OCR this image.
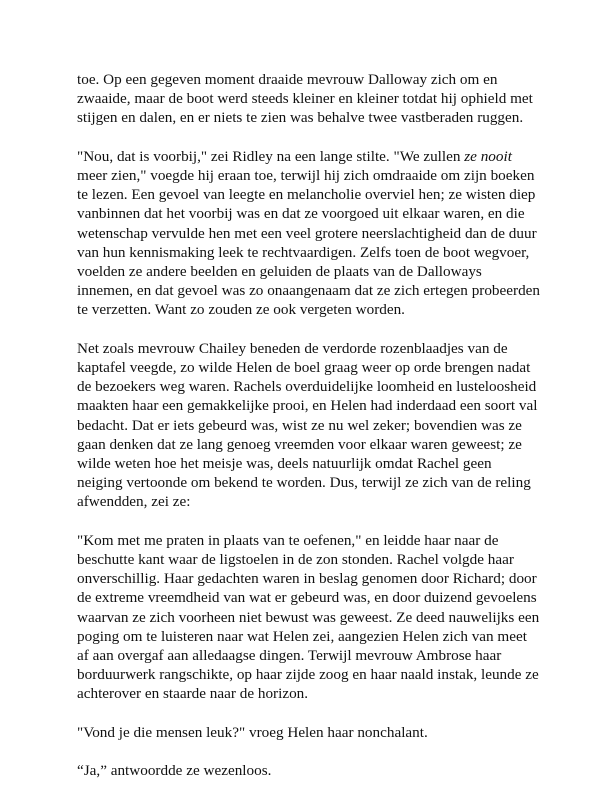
toe. Op een gegeven moment draaide mevrouw Dalloway zich om en
zwaaide, maar de boot werd steeds kleiner en kleiner totdat hij ophield met
stijgen en dalen, en er niets te zien was behalve twee vastberaden ruggen.

"Nou, dat is voorbij," zei Ridley na een lange stilte. "We zullen ze nooit
meer zien," voegde hij eraan toe, terwijl hij zich omdraaide om zijn boeken
te lezen. Een gevoel van leegte en melancholie overviel hen; ze wisten diep
vanbinnen dat het voorbij was en dat ze voorgoed uit elkaar waren, en die
wetenschap vervulde hen met een veel grotere neerslachtigheid dan de duur
van hun kennismaking leek te rechtvaardigen. Zelfs toen de boot wegvoer,
voelden ze andere beelden en geluiden de plaats van de Dalloways
innemen, en dat gevoel was zo onaangenaam dat ze zich ertegen probeerden
te verzetten. Want zo zouden ze ook vergeten worden.

Net zoals mevrouw Chailey beneden de verdorde rozenblaadjes van de
kaptafel veegde, zo wilde Helen de boel graag weer op orde brengen nadat
de bezoekers weg waren. Rachels overduidelijke loomheid en lusteloosheid
maakten haar een gemakkelijke prooi, en Helen had inderdaad een soort val
bedacht. Dat er iets gebeurd was, wist ze nu wel zeker; bovendien was ze
gaan denken dat ze lang genoeg vreemden voor elkaar waren geweest; ze
wilde weten hoe het meisje was, deels natuurlijk omdat Rachel geen
neiging vertoonde om bekend te worden. Dus, terwijl ze zich van de reling
afwendden, zei ze:

"Kom met me praten in plaats van te oefenen," en leidde haar naar de
beschutte kant waar de ligstoelen in de zon stonden. Rachel volgde haar
onverschillig. Haar gedachten waren in beslag genomen door Richard; door
de extreme vreemdheid van wat er gebeurd was, en door duizend gevoelens
waarvan ze zich voorheen niet bewust was geweest. Ze deed nauwelijks een
poging om te luisteren naar wat Helen zei, aangezien Helen zich van meet
af aan overgaf aan alledaagse dingen. Terwijl mevrouw Ambrose haar
borduurwerk rangschikte, op haar zijde zoog en haar naald instak, leunde ze
achterover en staarde naar de horizon.

"Vond je die mensen leuk?" vroeg Helen haar nonchalant.

“Ja,” antwoordde ze wezenloos.
